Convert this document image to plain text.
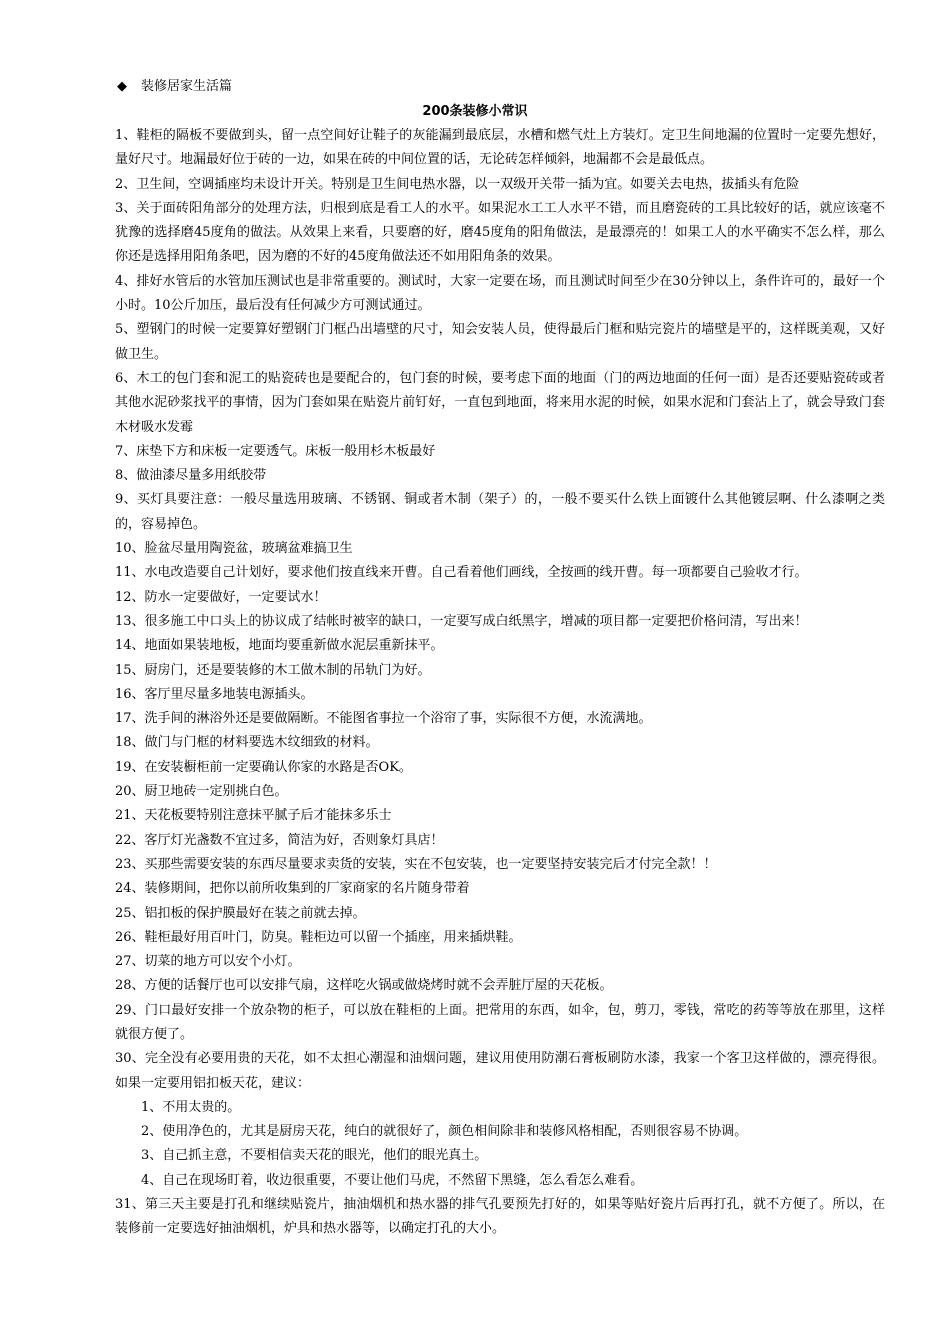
◆ 装修居家生活篇
200条装修小常识

1、鞋柜的隔板不要做到头，留一点空间好让鞋子的灰能漏到最底层，水槽和燃气灶上方装灯。定卫生间地漏的位置时一定要先想好，量好尺寸。地漏最好位于砖的一边，如果在砖的中间位置的话，无论砖怎样倾斜，地漏都不会是最低点。

2、卫生间，空调插座均未设计开关。特别是卫生间电热水器，以一双级开关带一插为宜。如要关去电热，拔插头有危险

3、关于面砖阳角部分的处理方法，归根到底是看工人的水平。如果泥水工工人水平不错，而且磨瓷砖的工具比较好的话，就应该毫不犹豫的选择磨45度角的做法。从效果上来看，只要磨的好，磨45度角的阳角做法，是最漂亮的！如果工人的水平确实不怎么样，那么你还是选择用阳角条吧，因为磨的不好的45度角做法还不如用阳角条的效果。

4、排好水管后的水管加压测试也是非常重要的。测试时，大家一定要在场，而且测试时间至少在30分钟以上，条件许可的，最好一个小时。10公斤加压，最后没有任何减少方可测试通过。

5、塑钢门的时候一定要算好塑钢门门框凸出墙壁的尺寸，知会安装人员，使得最后门框和贴完瓷片的墙壁是平的，这样既美观，又好做卫生。

6、木工的包门套和泥工的贴瓷砖也是要配合的，包门套的时候，要考虑下面的地面（门的两边地面的任何一面）是否还要贴瓷砖或者其他水泥砂浆找平的事情，因为门套如果在贴瓷片前钉好，一直包到地面，将来用水泥的时候，如果水泥和门套沾上了，就会导致门套木材吸水发霉

7、床垫下方和床板一定要透气。床板一般用杉木板最好

8、做油漆尽量多用纸胶带

9、买灯具要注意：一般尽量选用玻璃、不锈钢、铜或者木制（架子）的，一般不要买什么铁上面镀什么其他镀层啊、什么漆啊之类的，容易掉色。

10、脸盆尽量用陶瓷盆，玻璃盆难搞卫生

11、水电改造要自己计划好，要求他们按直线来开曹。自己看着他们画线，全按画的线开曹。每一项都要自己验收才行。

12、防水一定要做好，一定要试水！

13、很多施工中口头上的协议成了结帐时被宰的缺口，一定要写成白纸黑字，增减的项目都一定要把价格问清，写出来！

14、地面如果装地板，地面均要重新做水泥层重新抹平。

15、厨房门，还是要装修的木工做木制的吊轨门为好。

16、客厅里尽量多地装电源插头。

17、洗手间的淋浴外还是要做隔断。不能图省事拉一个浴帘了事，实际很不方便，水流满地。

18、做门与门框的材料要选木纹细致的材料。

19、在安装橱柜前一定要确认你家的水路是否OK。

20、厨卫地砖一定别挑白色。

21、天花板要特别注意抹平腻子后才能抹多乐士

22、客厅灯光盏数不宜过多，简洁为好，否则象灯具店！

23、买那些需要安装的东西尽量要求卖货的安装，实在不包安装，也一定要坚持安装完后才付完全款！！

24、装修期间，把你以前所收集到的厂家商家的名片随身带着

25、铝扣板的保护膜最好在装之前就去掉。

26、鞋柜最好用百叶门，防臭。鞋柜边可以留一个插座，用来插烘鞋。

27、切菜的地方可以安个小灯。

28、方便的话餐厅也可以安排气扇，这样吃火锅或做烧烤时就不会弄脏厅屋的天花板。

29、门口最好安排一个放杂物的柜子，可以放在鞋柜的上面。把常用的东西，如伞，包，剪刀，零钱，常吃的药等等放在那里，这样就很方便了。

30、完全没有必要用贵的天花，如不太担心潮湿和油烟问题，建议用使用防潮石膏板刷防水漆，我家一个客卫这样做的，漂亮得很。如果一定要用铝扣板天花，建议：

1、不用太贵的。

2、使用净色的，尤其是厨房天花，纯白的就很好了，颜色相间除非和装修风格相配，否则很容易不协调。

3、自己抓主意，不要相信卖天花的眼光，他们的眼光真土。

4、自己在现场盯着，收边很重要，不要让他们马虎，不然留下黑缝，怎么看怎么难看。

31、第三天主要是打孔和继续贴瓷片，抽油烟机和热水器的排气孔要预先打好的，如果等贴好瓷片后再打孔，就不方便了。所以，在装修前一定要选好抽油烟机，炉具和热水器等，以确定打孔的大小。
